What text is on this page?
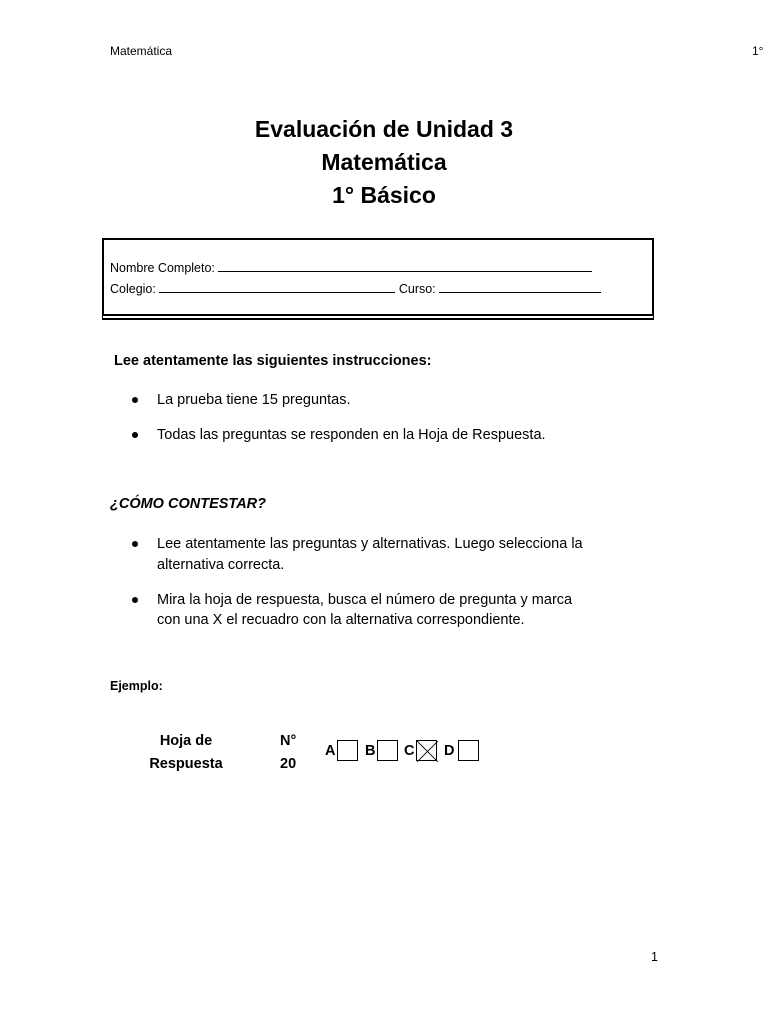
Matemática	1°
Evaluación de Unidad 3
Matemática
1° Básico
Nombre Completo:
Colegio:	Curso:
Lee atentamente las siguientes instrucciones:
La prueba tiene 15 preguntas.
Todas las preguntas se responden en la Hoja de Respuesta.
¿CÓMO CONTESTAR?
Lee atentamente las preguntas y alternativas. Luego selecciona la
alternativa correcta.
Mira la hoja de respuesta, busca el número de pregunta y marca
con una X el recuadro con la alternativa correspondiente.
Ejemplo:
Hoja de
Respuesta
N°
20
A B C D
1
